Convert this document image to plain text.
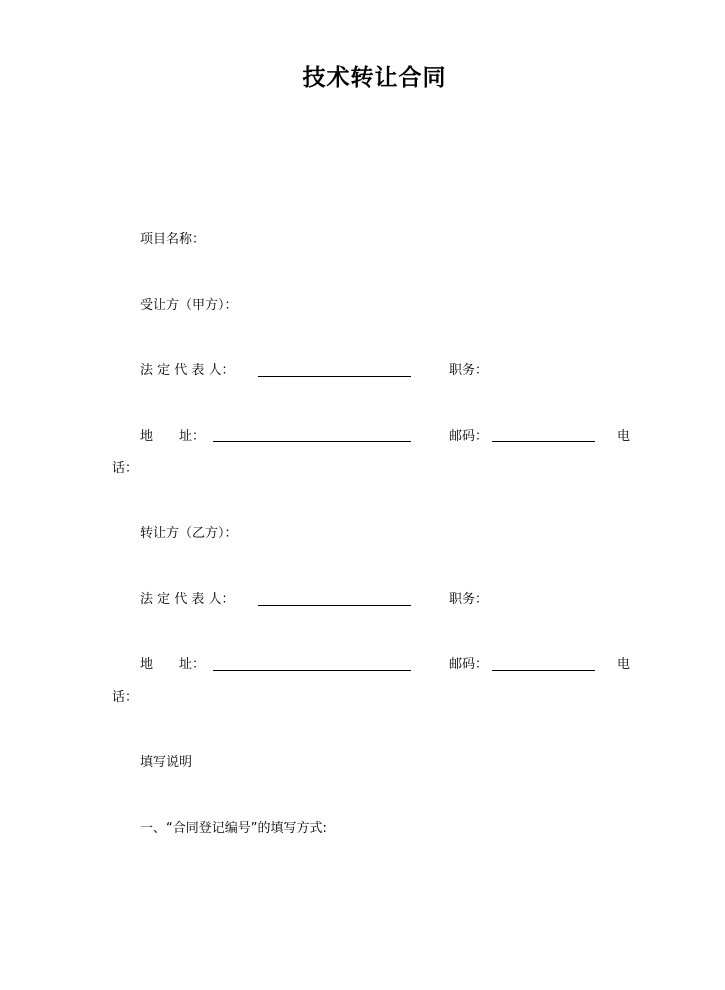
技术转让合同
项目名称：
受让方（甲方）：
法 定 代 表 人：	职务：
地　　址：	邮码：	电
话：
转让方（乙方）：
法 定 代 表 人：	职务：
地　　址：	邮码：	电
话：
填写说明
一、“合同登记编号”的填写方式:
